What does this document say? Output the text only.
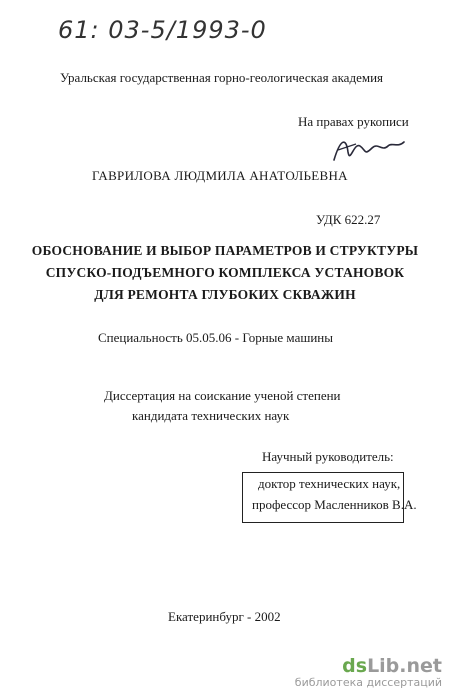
61: 03-5/1993-0
Уральская государственная горно-геологическая академия
На правах рукописи
ГАВРИЛОВА ЛЮДМИЛА АНАТОЛЬЕВНА
УДК 622.27
ОБОСНОВАНИЕ И ВЫБОР ПАРАМЕТРОВ И СТРУКТУРЫ
СПУСКО-ПОДЪЕМНОГО КОМПЛЕКСА УСТАНОВОК
ДЛЯ РЕМОНТА ГЛУБОКИХ СКВАЖИН
Специальность 05.05.06 - Горные машины
Диссертация на соискание ученой степени
кандидата технических наук
Научный руководитель:
доктор технических наук,
профессор Масленников В.А.
Екатеринбург - 2002
dsLib.net
библиотека диссертаций
